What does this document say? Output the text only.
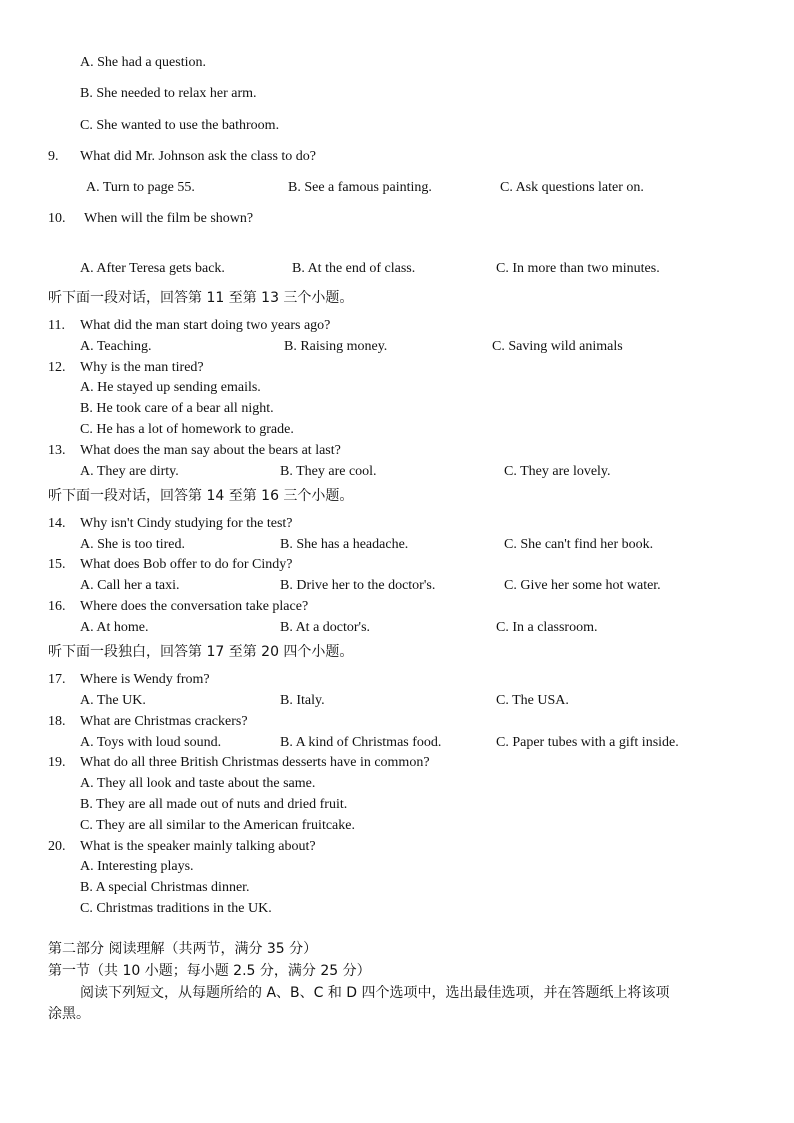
A. She had a question.
B. She needed to relax her arm.
C. She wanted to use the bathroom.
9. What did Mr. Johnson ask the class to do?
A. Turn to page 55.	B. See a famous painting.	C. Ask questions later on.
10. When will the film be shown?
A. After Teresa gets back.	B. At the end of class.	C. In more than two minutes.
听下面一段对话，回答第 11 至第 13 三个小题。
11. What did the man start doing two years ago?
A. Teaching.	B. Raising money.	C. Saving wild animals
12. Why is the man tired?
A. He stayed up sending emails.
B. He took care of a bear all night.
C. He has a lot of homework to grade.
13. What does the man say about the bears at last?
A. They are dirty.	B. They are cool.	C. They are lovely.
听下面一段对话，回答第 14 至第 16 三个小题。
14. Why isn't Cindy studying for the test?
A. She is too tired.	B. She has a headache.	C. She can't find her book.
15. What does Bob offer to do for Cindy?
A. Call her a taxi.	B. Drive her to the doctor's.	C. Give her some hot water.
16. Where does the conversation take place?
A. At home.	B. At a doctor's.	C. In a classroom.
听下面一段独白，回答第 17 至第 20 四个小题。
17. Where is Wendy from?
A. The UK.	B. Italy.	C. The USA.
18. What are Christmas crackers?
A. Toys with loud sound.	B. A kind of Christmas food.	C. Paper tubes with a gift inside.
19. What do all three British Christmas desserts have in common?
A. They all look and taste about the same.
B. They are all made out of nuts and dried fruit.
C. They are all similar to the American fruitcake.
20. What is the speaker mainly talking about?
A. Interesting plays.
B. A special Christmas dinner.
C. Christmas traditions in the UK.
第二部分 阅读理解（共两节，满分 35 分）
第一节（共 10 小题；每小题 2.5 分，满分 25 分）
阅读下列短文，从每题所给的 A、B、C 和 D 四个选项中，选出最佳选项，并在答题纸上将该项
涂黑。
